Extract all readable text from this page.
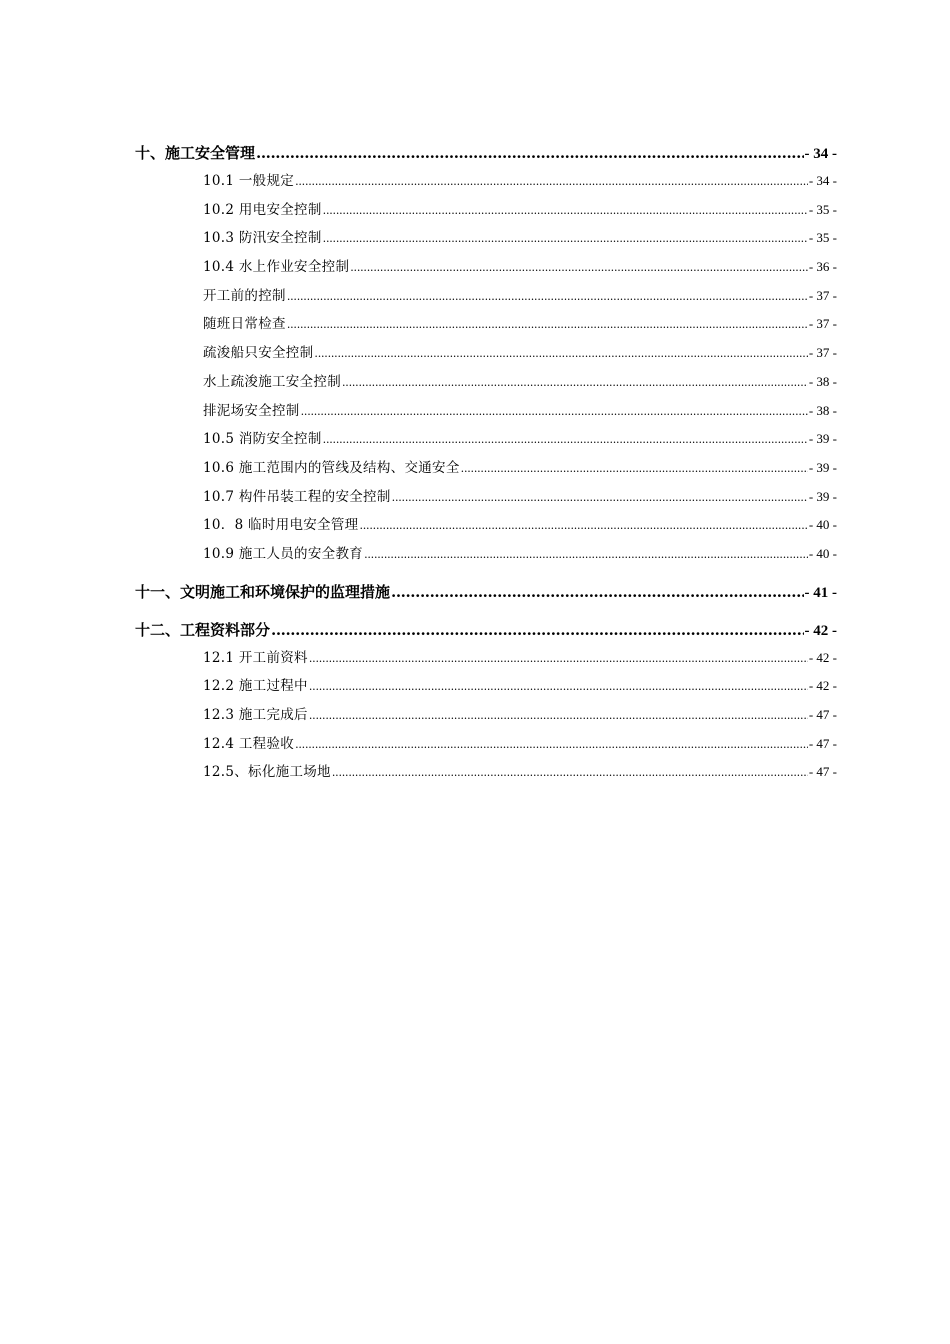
十、施工安全管理 .....	- 34 -
10.1 一般规定 .....	- 34 -
10.2 用电安全控制 .....	- 35 -
10.3 防汛安全控制 .....	- 35 -
10.4 水上作业安全控制 .....	- 36 -
开工前的控制 .....	- 37 -
随班日常检查 .....	- 37 -
疏浚船只安全控制 .....	- 37 -
水上疏浚施工安全控制 .....	- 38 -
排泥场安全控制 .....	- 38 -
10.5 消防安全控制 .....	- 39 -
10.6 施工范围内的管线及结构、交通安全 .....	- 39 -
10.7 构件吊装工程的安全控制 .....	- 39 -
10．8 临时用电安全管理 .....	- 40 -
10.9 施工人员的安全教育 .....	- 40 -
十一、文明施工和环境保护的监理措施 .....	- 41 -
十二、工程资料部分 .....	- 42 -
12.1 开工前资料 .....	- 42 -
12.2 施工过程中 .....	- 42 -
12.3 施工完成后 .....	- 47 -
12.4 工程验收 .....	- 47 -
12.5、标化施工场地 .....	- 47 -
